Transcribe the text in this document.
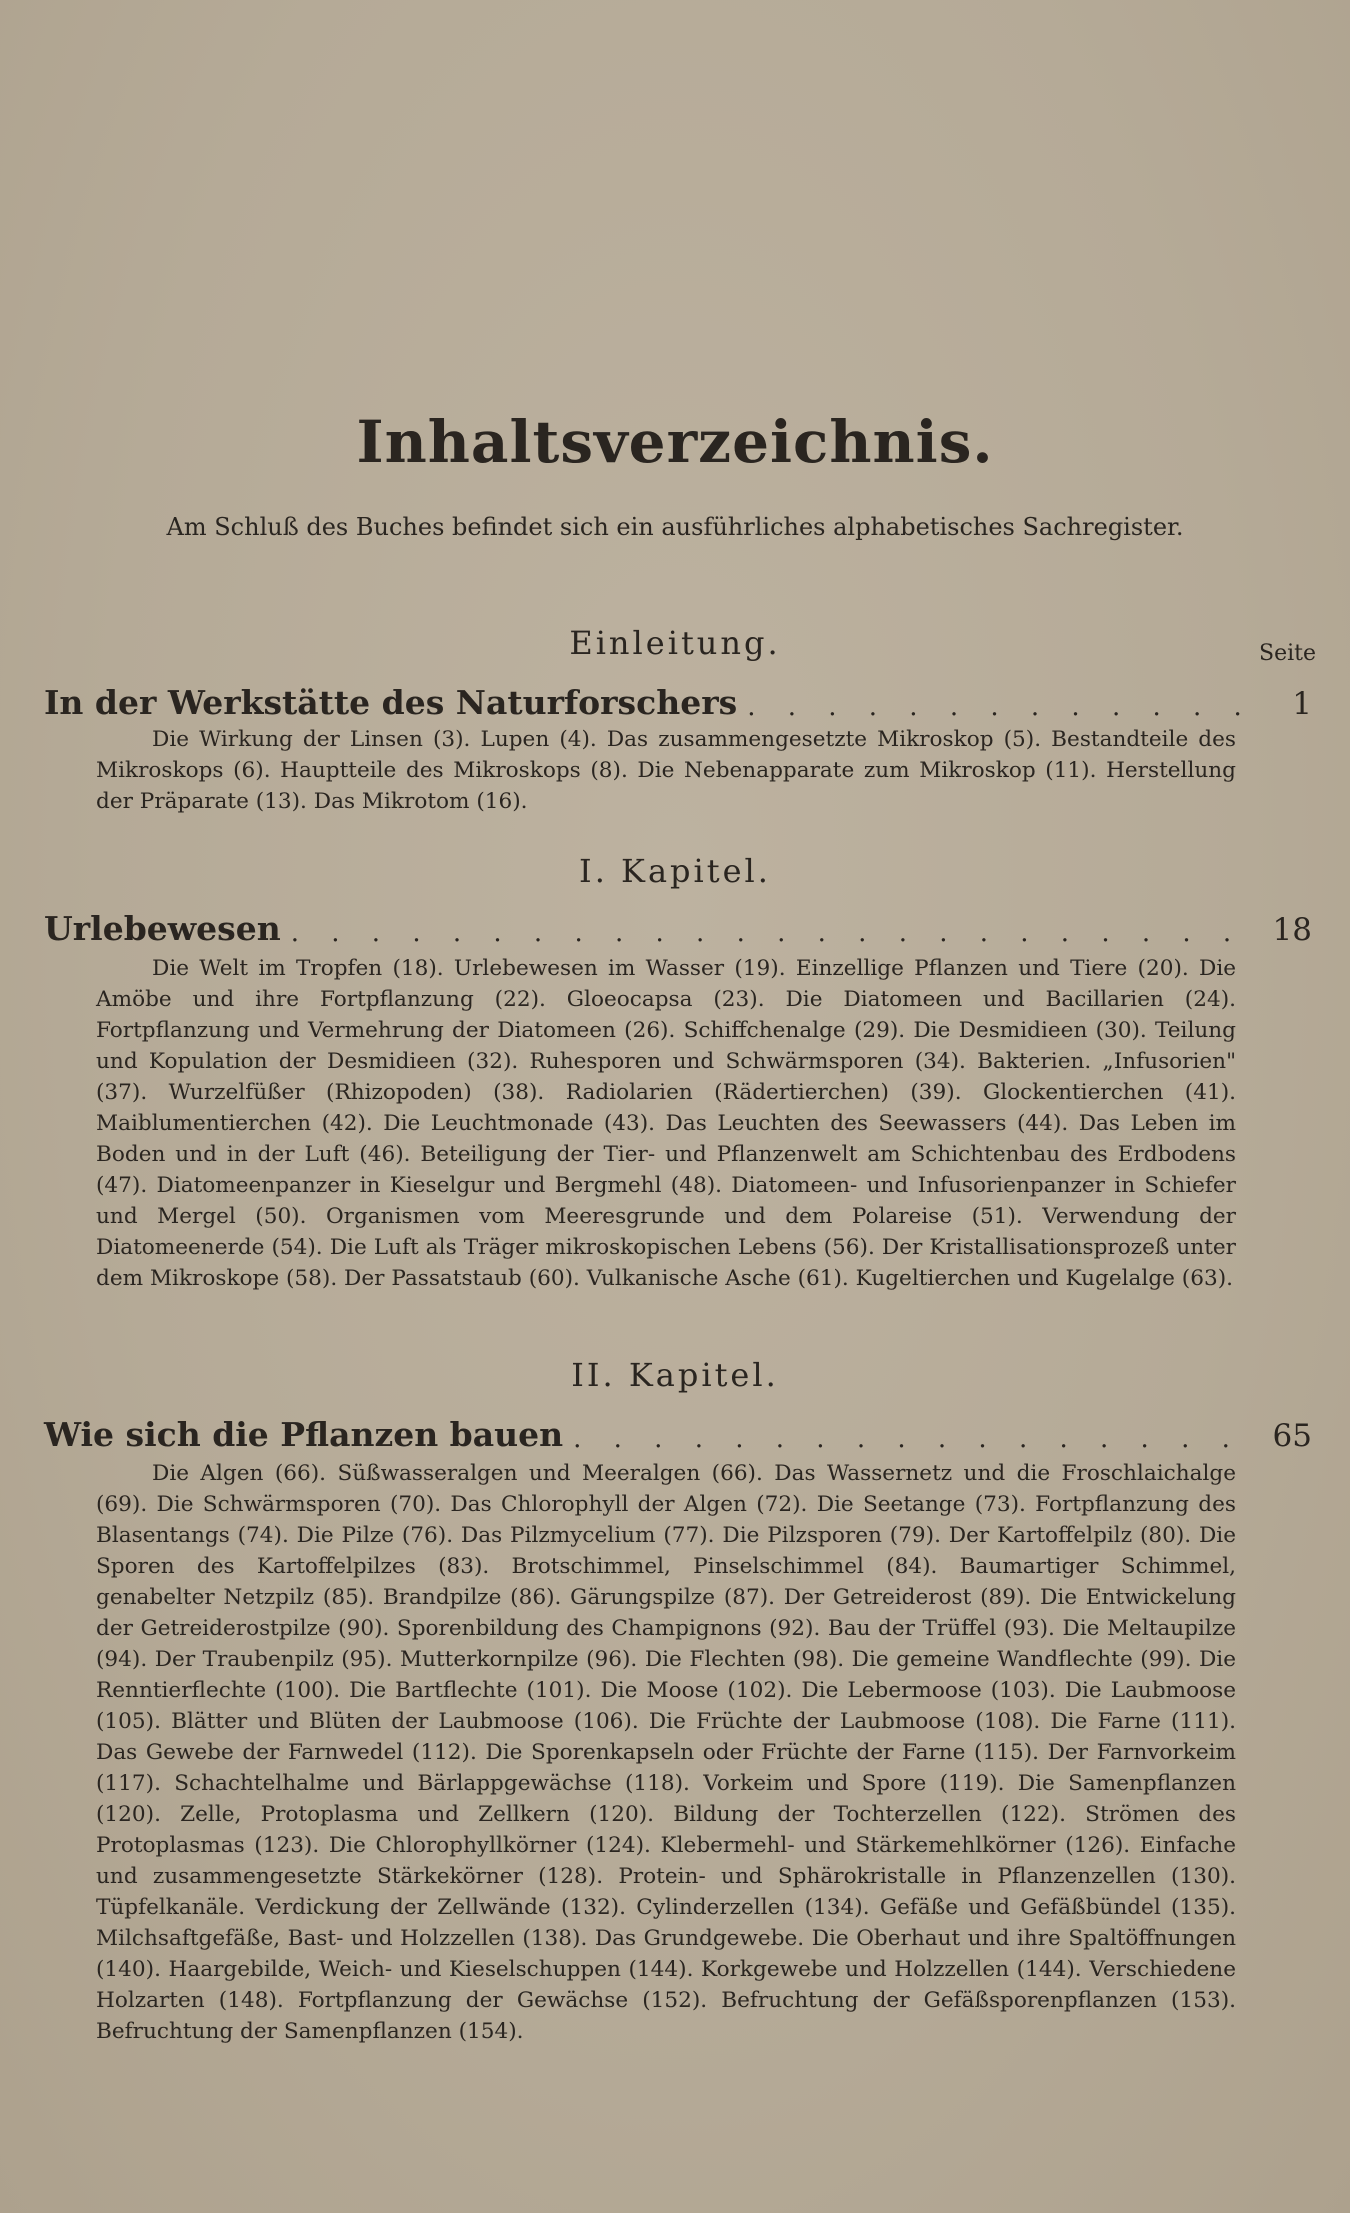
Inhaltsverzeichnis.
Am Schluß des Buches befindet sich ein ausführliches alphabetisches Sachregister.
Seite
Einleitung.
In der Werkstätte des Naturforschers . . .	1
Die Wirkung der Linsen (3). Lupen (4). Das zusammengesetzte Mikroskop (5). Bestandteile des Mikroskops (6). Hauptteile des Mikroskops (8). Die Nebenapparate zum Mikroskop (11). Herstellung der Präparate (13). Das Mikrotom (16).
I. Kapitel.
Urlebewesen . . .	18
Die Welt im Tropfen (18). Urlebewesen im Wasser (19). Einzellige Pflanzen und Tiere (20). Die Amöbe und ihre Fortpflanzung (22). Gloeocapsa (23). Die Diatomeen und Bacillarien (24). Fortpflanzung und Vermehrung der Diatomeen (26). Schiffchenalge (29). Die Desmidieen (30). Teilung und Kopulation der Desmidieen (32). Ruhesporen und Schwärmsporen (34). Bakterien. „Infusorien" (37). Wurzelfüßer (Rhizopoden) (38). Radiolarien (Rädertierchen) (39). Glockentierchen (41). Maiblumentierchen (42). Die Leuchtmonade (43). Das Leuchten des Seewassers (44). Das Leben im Boden und in der Luft (46). Beteiligung der Tier- und Pflanzenwelt am Schichtenbau des Erdbodens (47). Diatomeenpanzer in Kieselgur und Bergmehl (48). Diatomeen- und Infusorienpanzer in Schiefer und Mergel (50). Organismen vom Meeresgrunde und dem Polareise (51). Verwendung der Diatomeenerde (54). Die Luft als Träger mikroskopischen Lebens (56). Der Kristallisationsprozeß unter dem Mikroskope (58). Der Passatstaub (60). Vulkanische Asche (61). Kugeltierchen und Kugelalge (63).
II. Kapitel.
Wie sich die Pflanzen bauen . . .	65
Die Algen (66). Süßwasseralgen und Meeralgen (66). Das Wassernetz und die Froschlaichalge (69). Die Schwärmsporen (70). Das Chlorophyll der Algen (72). Die Seetange (73). Fortpflanzung des Blasentangs (74). Die Pilze (76). Das Pilzmycelium (77). Die Pilzsporen (79). Der Kartoffelpilz (80). Die Sporen des Kartoffelpilzes (83). Brotschimmel, Pinselschimmel (84). Baumartiger Schimmel, genabelter Netzpilz (85). Brandpilze (86). Gärungspilze (87). Der Getreiderost (89). Die Entwickelung der Getreiderostpilze (90). Sporenbildung des Champignons (92). Bau der Trüffel (93). Die Meltaupilze (94). Der Traubenpilz (95). Mutterkornpilze (96). Die Flechten (98). Die gemeine Wandflechte (99). Die Renntierflechte (100). Die Bartflechte (101). Die Moose (102). Die Lebermoose (103). Die Laubmoose (105). Blätter und Blüten der Laubmoose (106). Die Früchte der Laubmoose (108). Die Farne (111). Das Gewebe der Farnwedel (112). Die Sporenkapseln oder Früchte der Farne (115). Der Farnvorkeim (117). Schachtelhalme und Bärlappgewächse (118). Vorkeim und Spore (119). Die Samenpflanzen (120). Zelle, Protoplasma und Zellkern (120). Bildung der Tochterzellen (122). Strömen des Protoplasmas (123). Die Chlorophyllkörner (124). Klebermehl- und Stärkemehlkörner (126). Einfache und zusammengesetzte Stärkekörner (128). Protein- und Sphärokristalle in Pflanzenzellen (130). Tüpfelkanäle. Verdickung der Zellwände (132). Cylinderzellen (134). Gefäße und Gefäßbündel (135). Milchsaftgefäße, Bast- und Holzzellen (138). Das Grundgewebe. Die Oberhaut und ihre Spaltöffnungen (140). Haargebilde, Weich- und Kieselschuppen (144). Korkgewebe und Holzzellen (144). Verschiedene Holzarten (148). Fortpflanzung der Gewächse (152). Befruchtung der Gefäßsporenpflanzen (153). Befruchtung der Samenpflanzen (154).
